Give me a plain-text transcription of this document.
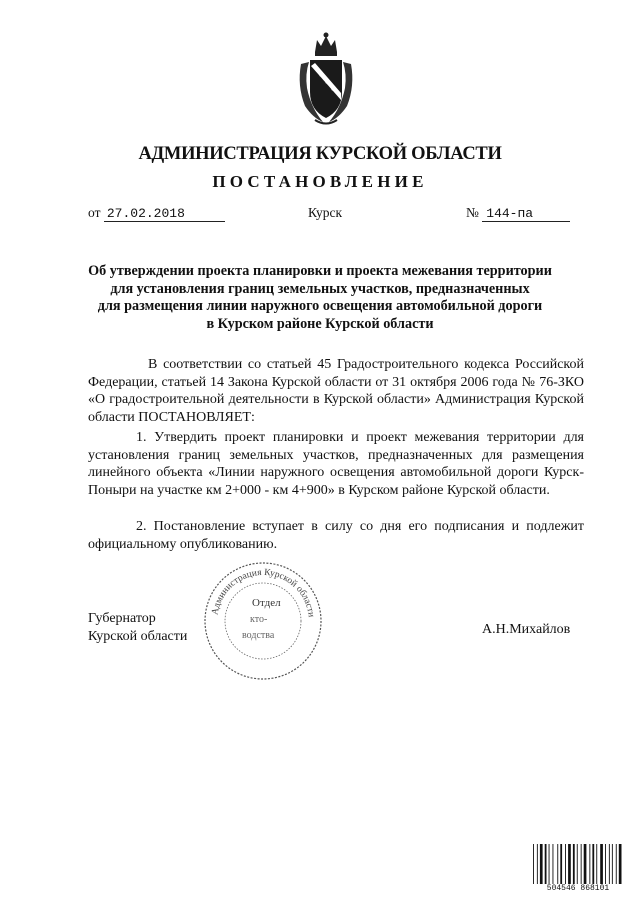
АДМИНИСТРАЦИЯ КУРСКОЙ ОБЛАСТИ
ПОСТАНОВЛЕНИЕ
от 27.02.2018	Курск	№ 144-па
Об утверждении проекта планировки и проекта межевания территории
для установления границ земельных участков, предназначенных
для размещения линии наружного освещения автомобильной дороги
в Курском районе Курской области
В соответствии со статьей 45 Градостроительного кодекса Российской Федерации, статьей 14 Закона Курской области от 31 октября 2006 года № 76-ЗКО «О градостроительной деятельности в Курской области» Администрация Курской области ПОСТАНОВЛЯЕТ:
1. Утвердить проект планировки и проект межевания территории для установления границ земельных участков, предназначенных для размещения линейного объекта «Линии наружного освещения автомобильной дороги Курск-Поныри на участке км 2+000 - км 4+900» в Курском районе Курской области.
2. Постановление вступает в силу со дня его подписания и подлежит официальному опубликованию.
Губернатор
Курской области	А.Н.Михайлов
Администрация Курской области
Отдел
кто-
водства
504546 868101
